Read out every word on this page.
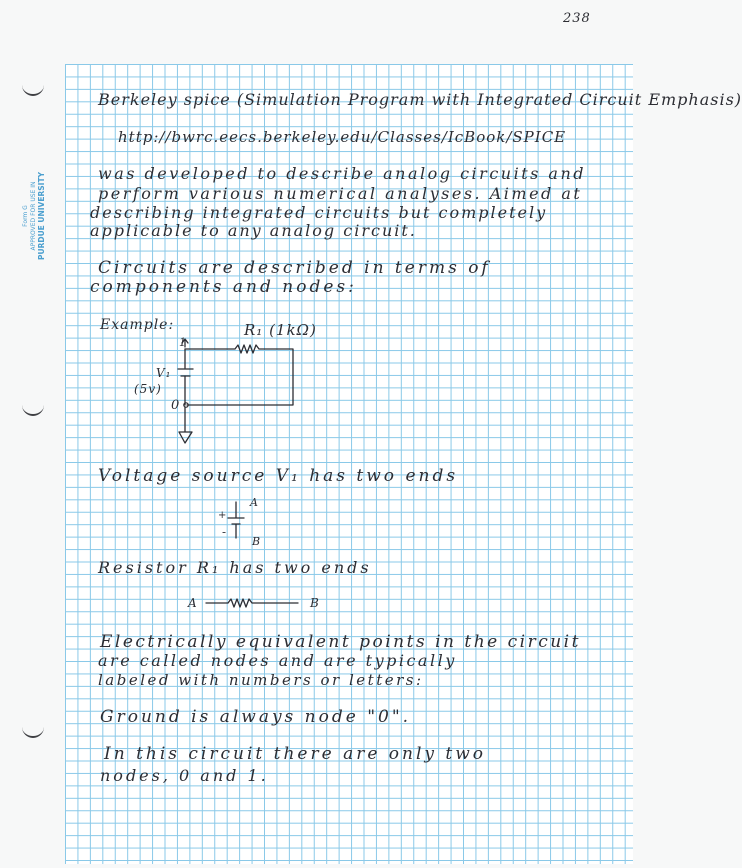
Form G
APPROVED FOR USE IN
PURDUE UNIVERSITY
238
Berkeley spice (Simulation Program with Integrated Circuit Emphasis)
http://bwrc.eecs.berkeley.edu/Classes/IcBook/SPICE
was developed to describe analog circuits and
perform various numerical analyses. Aimed at
describing integrated circuits but completely
applicable to any analog circuit.
Circuits are described in terms of
components and nodes:
Example:	R₁ (1kΩ)
V₁
(5v)
1
0
+
-
Voltage source V₁ has two ends
A
B
Resistor R₁ has two ends
A	B
Electrically equivalent points in the circuit
are called nodes and are typically
labeled with numbers or letters:
Ground is always node "0".
In this circuit there are only two
nodes, 0 and 1.
